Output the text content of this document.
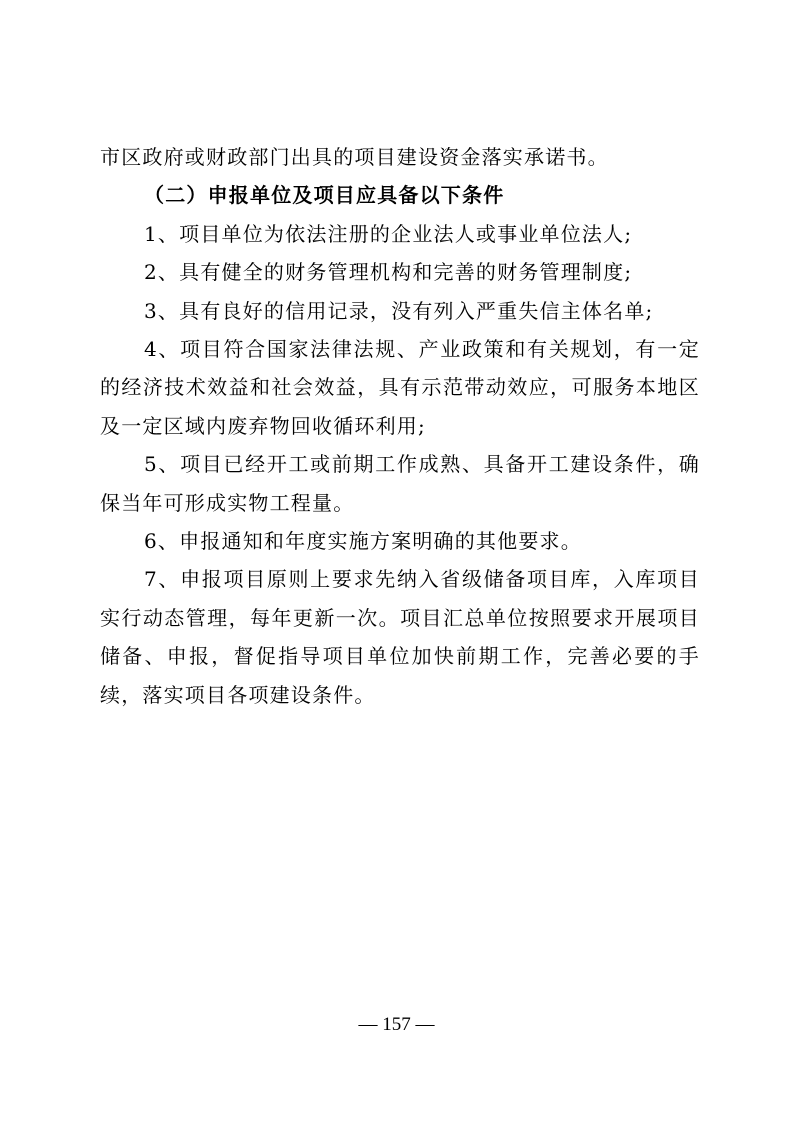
市区政府或财政部门出具的项目建设资金落实承诺书。

（二）申报单位及项目应具备以下条件

1、项目单位为依法注册的企业法人或事业单位法人;

2、具有健全的财务管理机构和完善的财务管理制度;

3、具有良好的信用记录，没有列入严重失信主体名单;

4、项目符合国家法律法规、产业政策和有关规划，有一定的经济技术效益和社会效益，具有示范带动效应，可服务本地区及一定区域内废弃物回收循环利用;

5、项目已经开工或前期工作成熟、具备开工建设条件，确保当年可形成实物工程量。

6、申报通知和年度实施方案明确的其他要求。

7、申报项目原则上要求先纳入省级储备项目库，入库项目实行动态管理，每年更新一次。项目汇总单位按照要求开展项目储备、申报，督促指导项目单位加快前期工作，完善必要的手续，落实项目各项建设条件。

— 157 —
